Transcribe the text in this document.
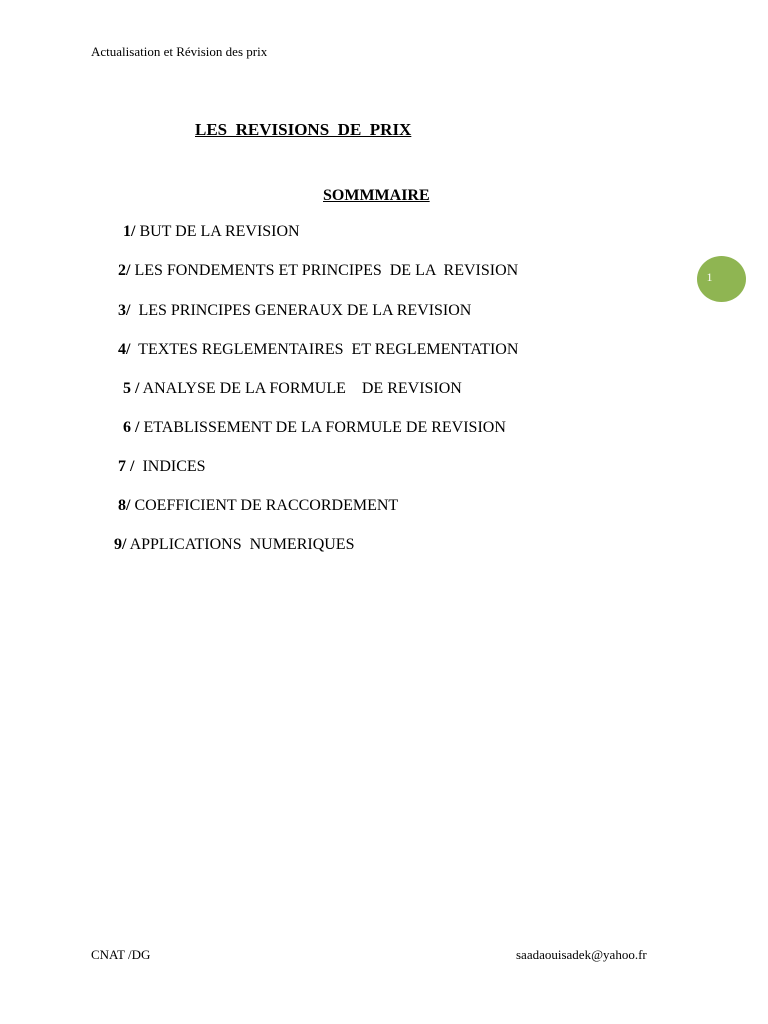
Actualisation et Révision des prix
LES  REVISIONS  DE  PRIX
SOMMMAIRE
1/ BUT DE LA REVISION
2/ LES FONDEMENTS ET PRINCIPES  DE LA  REVISION
3/  LES PRINCIPES GENERAUX DE LA REVISION
4/  TEXTES REGLEMENTAIRES  ET REGLEMENTATION
5 / ANALYSE DE LA FORMULE    DE REVISION
6 / ETABLISSEMENT DE LA FORMULE DE REVISION
7 /  INDICES
8/ COEFFICIENT DE RACCORDEMENT
9/ APPLICATIONS  NUMERIQUES
1
CNAT /DG	saadaouisadek@yahoo.fr
